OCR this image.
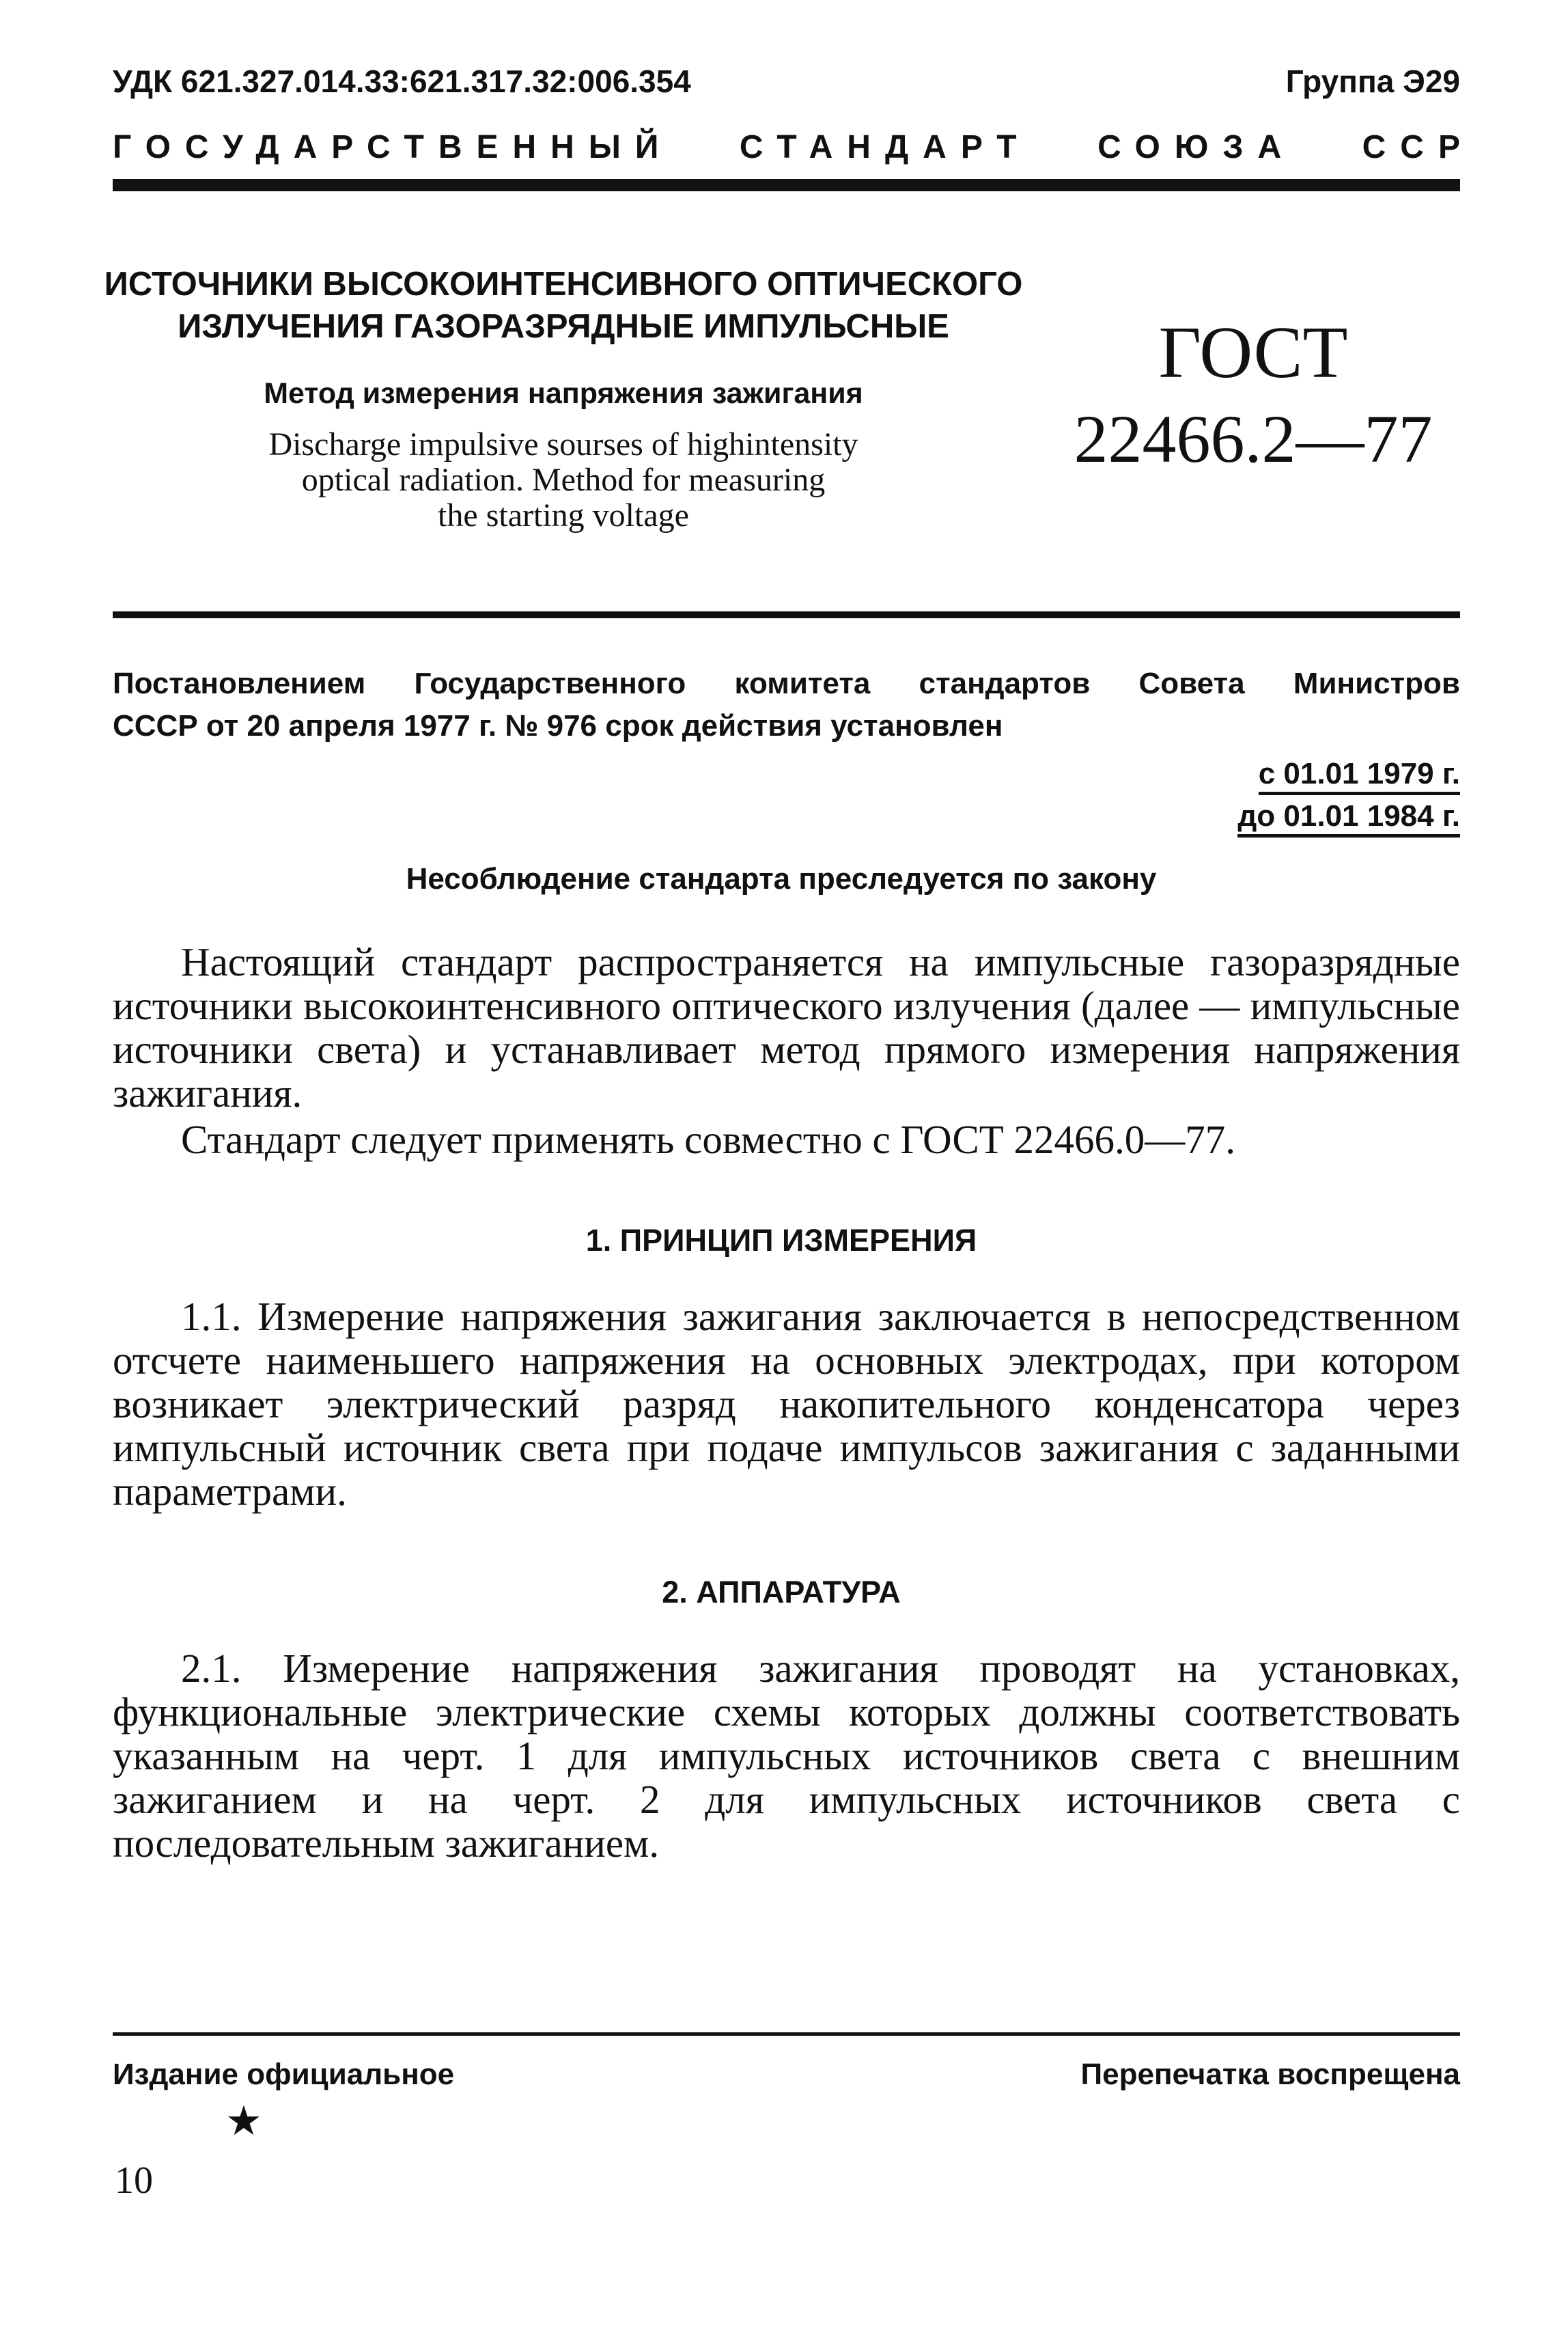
УДК 621.327.014.33:621.317.32:006.354	Группа Э29
ГОСУДАРСТВЕННЫЙ СТАНДАРТ СОЮЗА ССР
ИСТОЧНИКИ ВЫСОКОИНТЕНСИВНОГО ОПТИЧЕСКОГО
ИЗЛУЧЕНИЯ ГАЗОРАЗРЯДНЫЕ ИМПУЛЬСНЫЕ
Метод измерения напряжения зажигания
Discharge impulsive sourses of highintensity
optical radiation. Method for measuring
the starting voltage
ГОСТ
22466.2—77
Постановлением Государственного комитета стандартов Совета Министров
СССР от 20 апреля 1977 г. № 976 срок действия установлен
с 01.01 1979 г.
до 01.01 1984 г.
Несоблюдение стандарта преследуется по закону

Настоящий стандарт распространяется на импульсные газоразрядные источники высокоинтенсивного оптического излучения (далее — импульсные источники света) и устанавливает метод прямого измерения напряжения зажигания.

Стандарт следует применять совместно с ГОСТ 22466.0—77.

1. ПРИНЦИП ИЗМЕРЕНИЯ

1.1. Измерение напряжения зажигания заключается в непосредственном отсчете наименьшего напряжения на основных электродах, при котором возникает электрический разряд накопительного конденсатора через импульсный источник света при подаче импульсов зажигания с заданными параметрами.

2. АППАРАТУРА

2.1. Измерение напряжения зажигания проводят на установках, функциональные электрические схемы которых должны соответствовать указанным на черт. 1 для импульсных источников света с внешним зажиганием и на черт. 2 для импульсных источников света с последовательным зажиганием.

Издание официальное	Перепечатка воспрещена
★
10
